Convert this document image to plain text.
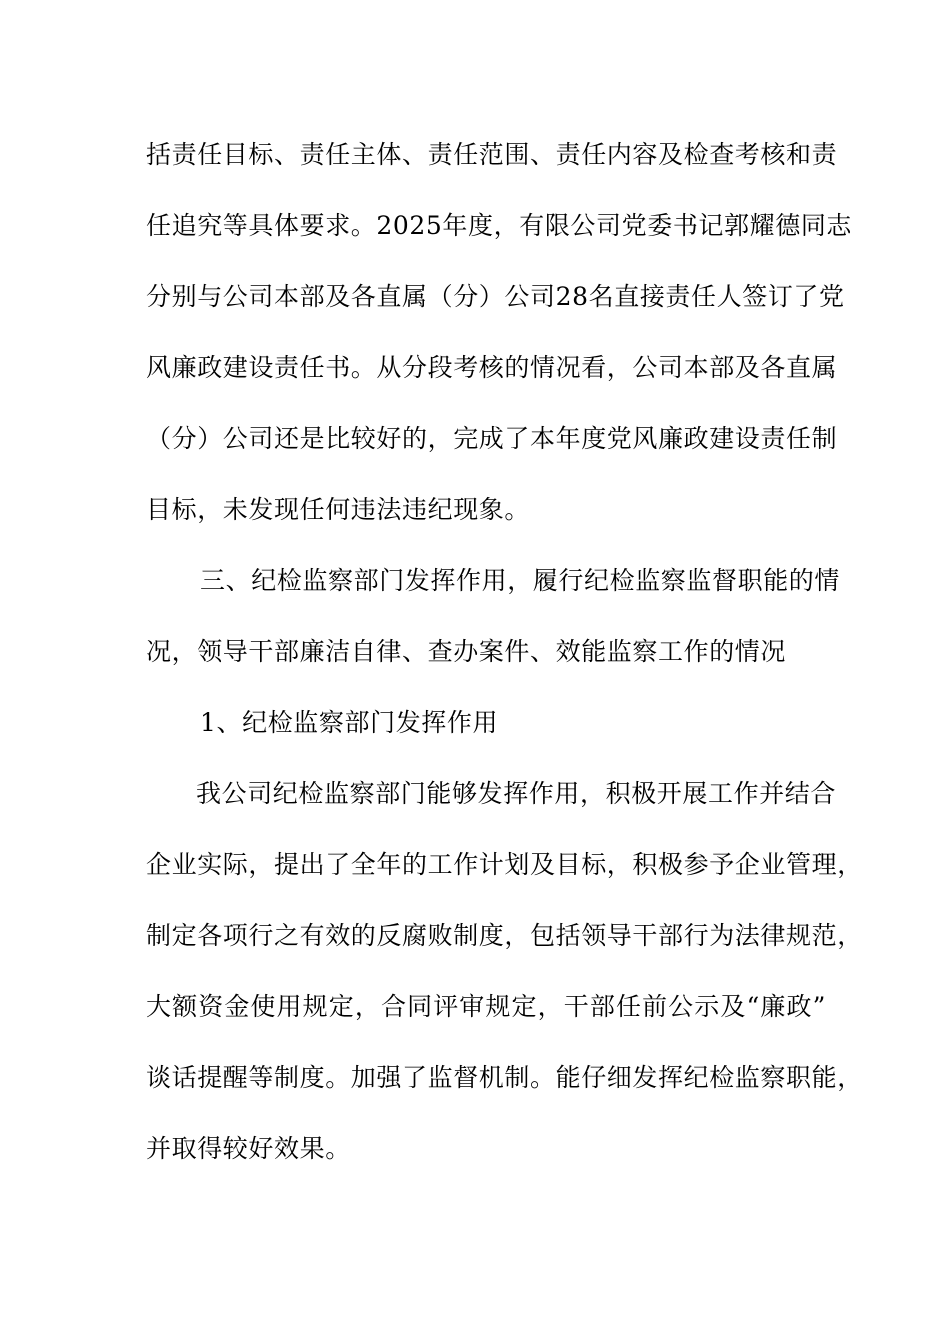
括责任目标、责任主体、责任范围、责任内容及检查考核和责
任追究等具体要求。2025年度，有限公司党委书记郭耀德同志
分别与公司本部及各直属（分）公司28名直接责任人签订了党
风廉政建设责任书。从分段考核的情况看，公司本部及各直属
（分）公司还是比较好的，完成了本年度党风廉政建设责任制
目标，未发现任何违法违纪现象。
三、纪检监察部门发挥作用，履行纪检监察监督职能的情
况，领导干部廉洁自律、查办案件、效能监察工作的情况
1、纪检监察部门发挥作用
我公司纪检监察部门能够发挥作用，积极开展工作并结合
企业实际，提出了全年的工作计划及目标，积极参予企业管理，
制定各项行之有效的反腐败制度，包括领导干部行为法律规范，
大额资金使用规定，合同评审规定，干部任前公示及“廉政”
谈话提醒等制度。加强了监督机制。能仔细发挥纪检监察职能，
并取得较好效果。
